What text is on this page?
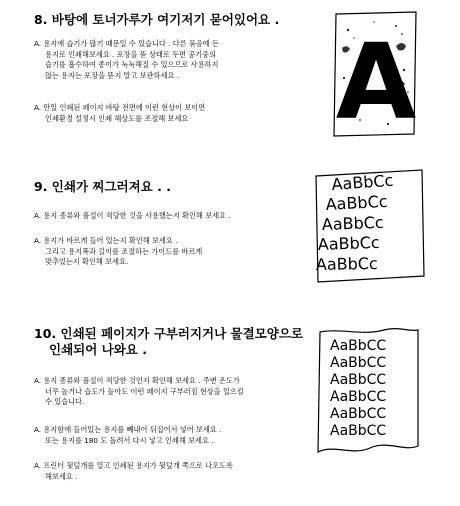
8. 바탕에 토너가루가 여기저기 묻어있어요 .
A. 용지에 습기가 많기 때문일 수 있습니다 . 다른 묶음에 든
용지로 인쇄해보세요 . 포장을 뜯 상태로 두면 공기중의
습기를 흡수하여 종이가 눅눅해질 수 있으므로 사용하지
않는 용지는 포장을 뜯지 말고 보관하세요 .
A. 만일 인쇄된 페이지 바탕 전면에 이런 현상이 보이면
인쇄환경 설정시 인쇄 해상도를 조절해 보세요 A
9. 인쇄가 찌그러져요 . .
A. 용지 종류와 품질이 적당한 것을 사용했는지 확인해 보세요 .
A. 용지가 바르게 들어 있는지 확인해 보세요 .
그리고 용지폭과 길이를 조절하는 가이드를 바르게
맞추었는지 확인해 보세요.
AaBbCc
AaBbCc
AaBbCc
AaBbCc
AaBbCc
10. 인쇄된 페이지가 구부러지거나 물결모양으로
인쇄되어 나와요 .
A. 용지 종류와 품질이 적당한 것인지 확인해 보세요 . 주변 온도가
너무 높거나 습도가 높아도 이런 페이지 구부러짐 현상을 일으킬
수 있습니다.
A. 용지함에 들어있는 용지를 빼내어 뒤집어서 넣어 보세요 .
또는 용지를 180 도 돌려서 다시 넣고 인쇄해 보세요 .
A. 프린터 뒷덮개를 열고 인쇄된 용지가 뒷덮개 쪽으로 나오도록
해보세요 .
AaBbCC
AaBbCC
AaBbCC
AaBbCC
AaBbCC
AaBbCC
